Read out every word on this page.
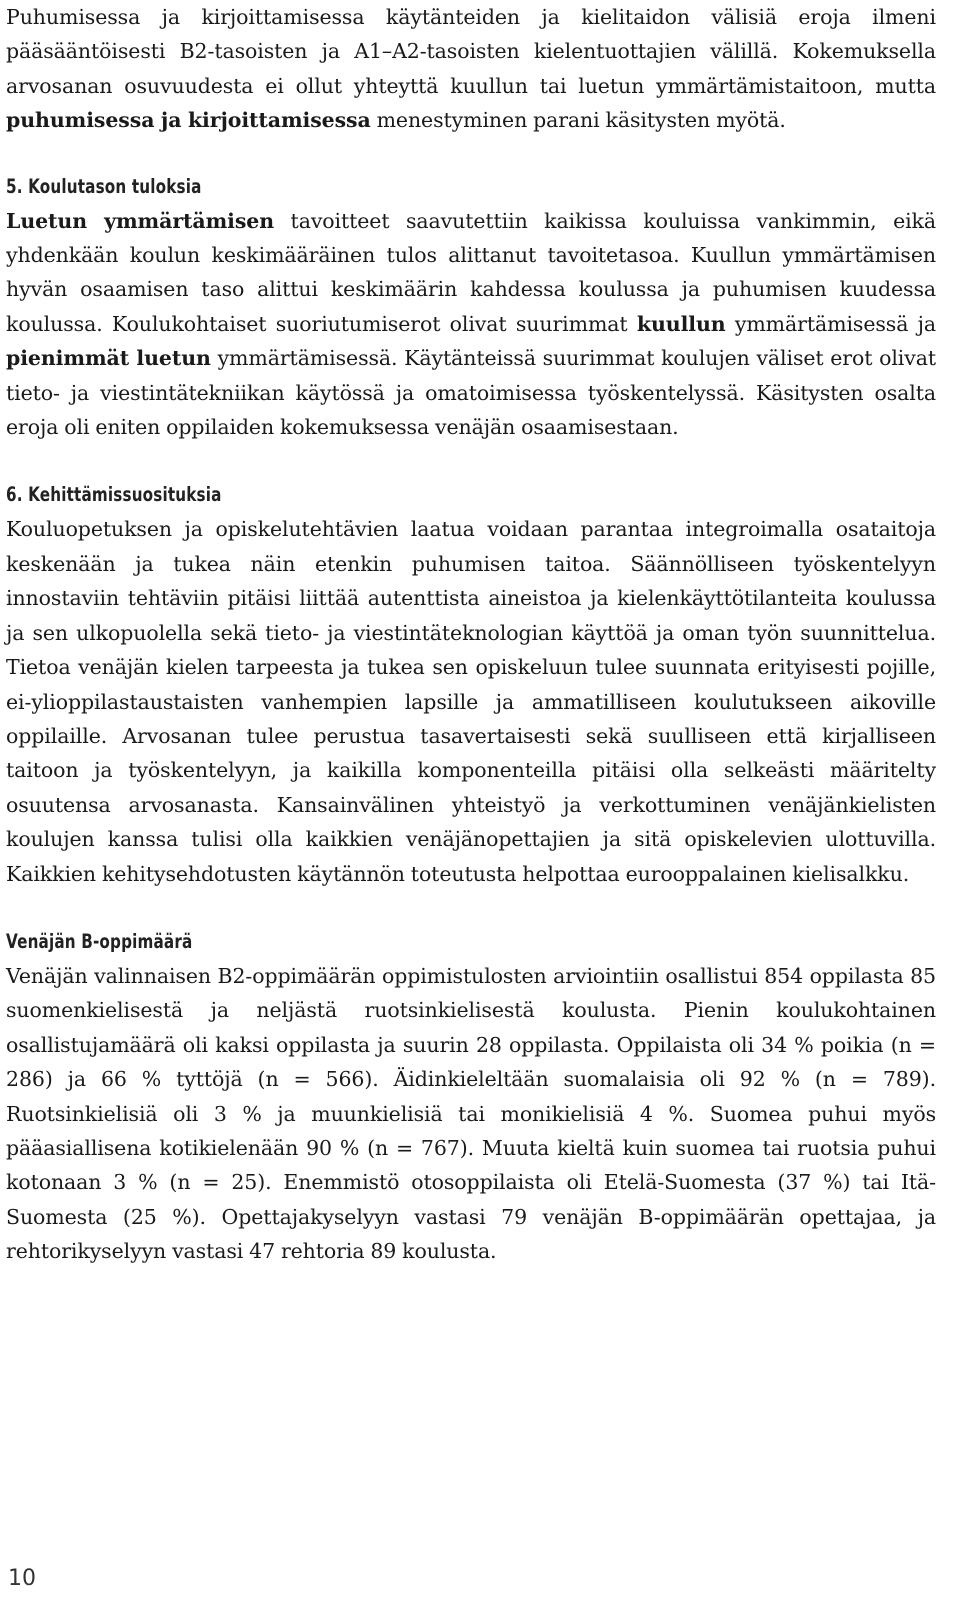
Puhumisessa ja kirjoittamisessa käytänteiden ja kielitaidon välisiä eroja ilmeni pääsääntöisesti B2-tasoisten ja A1–A2-tasoisten kielentuottajien välillä. Kokemuksella arvosanan osuvuudesta ei ollut yhteyttä kuullun tai luetun ymmärtämistaitoon, mutta puhumisessa ja kirjoittamisessa menestyminen parani käsitysten myötä.

5. Koulutason tuloksia

Luetun ymmärtämisen tavoitteet saavutettiin kaikissa kouluissa vankimmin, eikä yhdenkään koulun keskimääräinen tulos alittanut tavoitetasoa. Kuullun ymmärtämisen hyvän osaamisen taso alittui keskimäärin kahdessa koulussa ja puhumisen kuudessa koulussa. Koulukohtaiset suoriutumiserot olivat suurimmat kuullun ymmärtämisessä ja pienimmät luetun ymmärtämisessä. Käytänteissä suurimmat koulujen väliset erot olivat tieto- ja viestintätekniikan käytössä ja omatoimisessa työskentelyssä. Käsitysten osalta eroja oli eniten oppilaiden kokemuksessa venäjän osaamisestaan.

6. Kehittämissuosituksia

Kouluopetuksen ja opiskelutehtävien laatua voidaan parantaa integroimalla osataitoja keskenään ja tukea näin etenkin puhumisen taitoa. Säännölliseen työskentelyyn innostaviin tehtäviin pitäisi liittää autenttista aineistoa ja kielenkäyttötilanteita koulussa ja sen ulkopuolella sekä tieto- ja viestintäteknologian käyttöä ja oman työn suunnittelua. Tietoa venäjän kielen tarpeesta ja tukea sen opiskeluun tulee suunnata erityisesti pojille, ei-ylioppilastaustaisten vanhempien lapsille ja ammatilliseen koulutukseen aikoville oppilaille. Arvosanan tulee perustua tasavertaisesti sekä suulliseen että kirjalliseen taitoon ja työskentelyyn, ja kaikilla komponenteilla pitäisi olla selkeästi määritelty osuutensa arvosanasta. Kansainvälinen yhteistyö ja verkottuminen venäjänkielisten koulujen kanssa tulisi olla kaikkien venäjänopettajien ja sitä opiskelevien ulottuvilla. Kaikkien kehitysehdotusten käytännön toteutusta helpottaa eurooppalainen kielisalkku.

Venäjän B-oppimäärä

Venäjän valinnaisen B2-oppimäärän oppimistulosten arviointiin osallistui 854 oppilasta 85 suomenkielisestä ja neljästä ruotsinkielisestä koulusta. Pienin koulukohtainen osallistujamäärä oli kaksi oppilasta ja suurin 28 oppilasta. Oppilaista oli 34 % poikia (n = 286) ja 66 % tyttöjä (n = 566). Äidinkieleltään suomalaisia oli 92 % (n = 789). Ruotsinkielisiä oli 3 % ja muunkielisiä tai monikielisiä 4 %. Suomea puhui myös pääasiallisena kotikielenään 90 % (n = 767). Muuta kieltä kuin suomea tai ruotsia puhui kotonaan 3 % (n = 25). Enemmistö otosoppilaista oli Etelä-Suomesta (37 %) tai Itä-Suomesta (25 %). Opettajakyselyyn vastasi 79 venäjän B-oppimäärän opettajaa, ja rehtorikyselyyn vastasi 47 rehtoria 89 koulusta.

10
